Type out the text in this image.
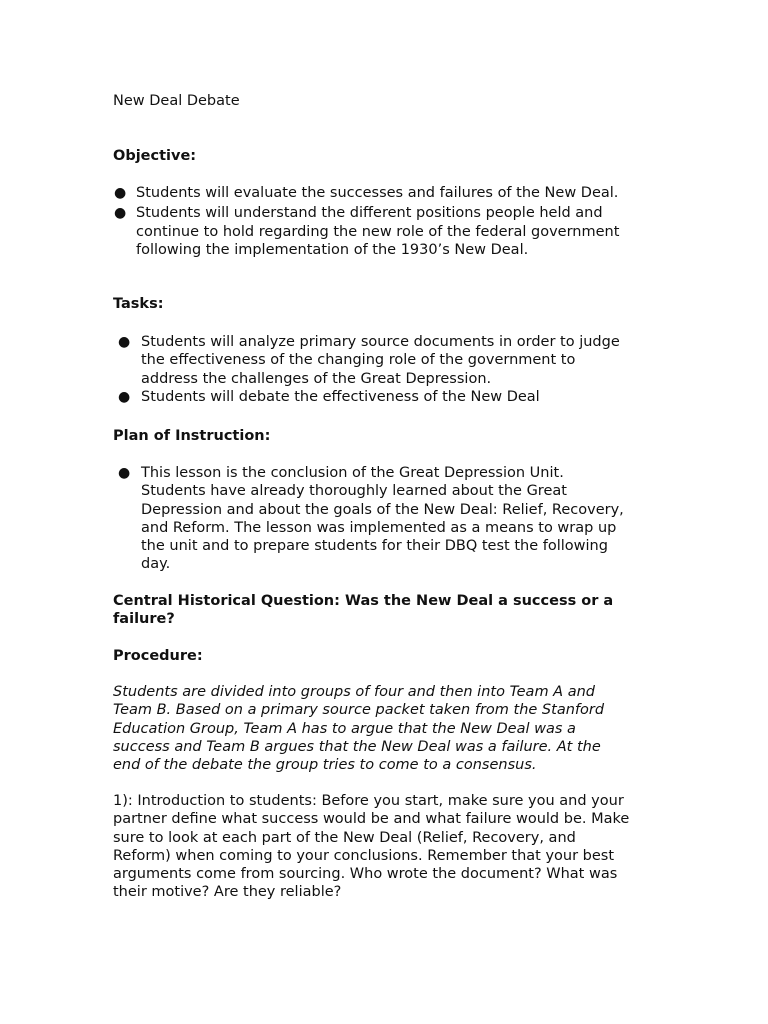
New Deal Debate
Objective:
● Students will evaluate the successes and failures of the New Deal.
● Students will understand the different positions people held and
continue to hold regarding the new role of the federal government
following the implementation of the 1930’s New Deal.
Tasks:
● Students will analyze primary source documents in order to judge
the effectiveness of the changing role of the government to
address the challenges of the Great Depression.
● Students will debate the effectiveness of the New Deal
Plan of Instruction:
● This lesson is the conclusion of the Great Depression Unit.
Students have already thoroughly learned about the Great
Depression and about the goals of the New Deal: Relief, Recovery,
and Reform. The lesson was implemented as a means to wrap up
the unit and to prepare students for their DBQ test the following
day.
Central Historical Question: Was the New Deal a success or a
failure?
Procedure:

Students are divided into groups of four and then into Team A and
Team B. Based on a primary source packet taken from the Stanford
Education Group, Team A has to argue that the New Deal was a
success and Team B argues that the New Deal was a failure. At the
end of the debate the group tries to come to a consensus.

1): Introduction to students: Before you start, make sure you and your
partner define what success would be and what failure would be. Make
sure to look at each part of the New Deal (Relief, Recovery, and
Reform) when coming to your conclusions. Remember that your best
arguments come from sourcing. Who wrote the document? What was
their motive? Are they reliable?
